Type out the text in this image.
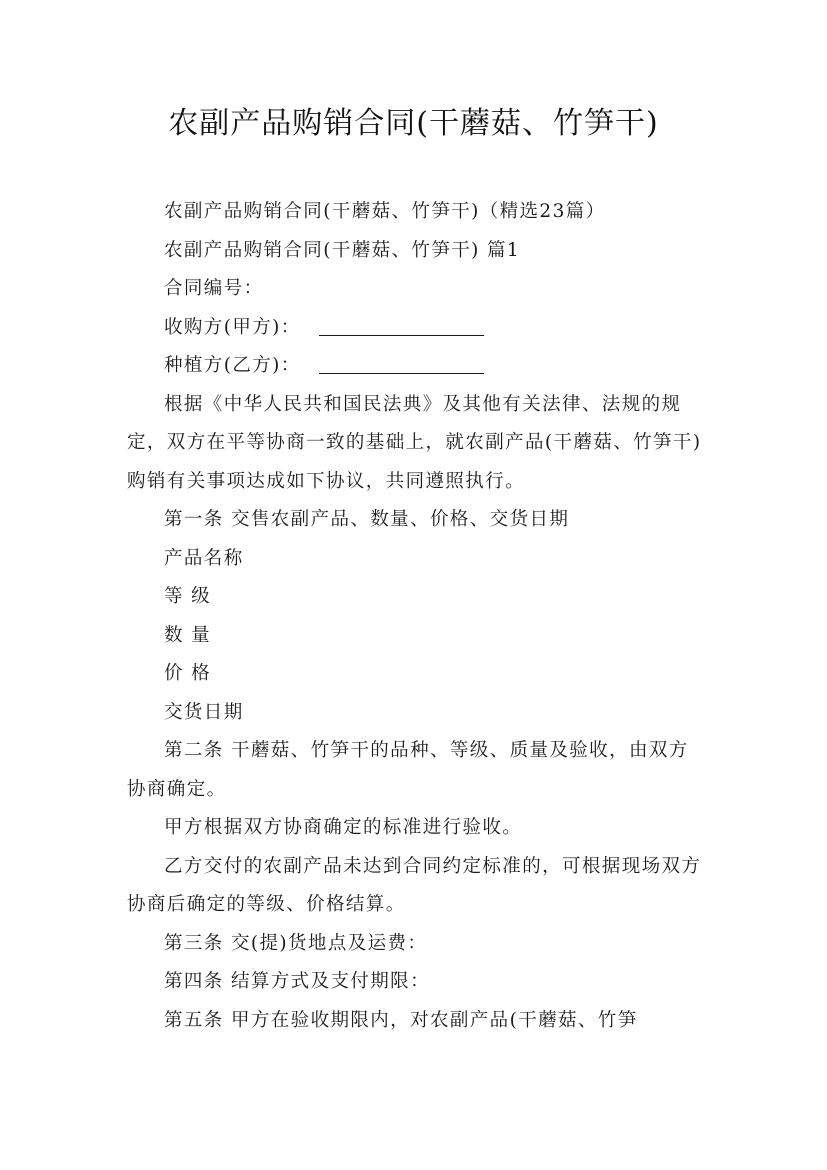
农副产品购销合同(干蘑菇、竹笋干)

农副产品购销合同(干蘑菇、竹笋干)（精选23篇）

农副产品购销合同(干蘑菇、竹笋干) 篇1

合同编号：

收购方(甲方)：

种植方(乙方)：

根据《中华人民共和国民法典》及其他有关法律、法规的规定，双方在平等协商一致的基础上，就农副产品(干蘑菇、竹笋干)购销有关事项达成如下协议，共同遵照执行。

第一条 交售农副产品、数量、价格、交货日期

产品名称

等 级

数 量

价 格

交货日期

第二条 干蘑菇、竹笋干的品种、等级、质量及验收，由双方协商确定。

甲方根据双方协商确定的标准进行验收。

乙方交付的农副产品未达到合同约定标准的，可根据现场双方协商后确定的等级、价格结算。

第三条 交(提)货地点及运费：

第四条 结算方式及支付期限：

第五条 甲方在验收期限内，对农副产品(干蘑菇、竹笋
